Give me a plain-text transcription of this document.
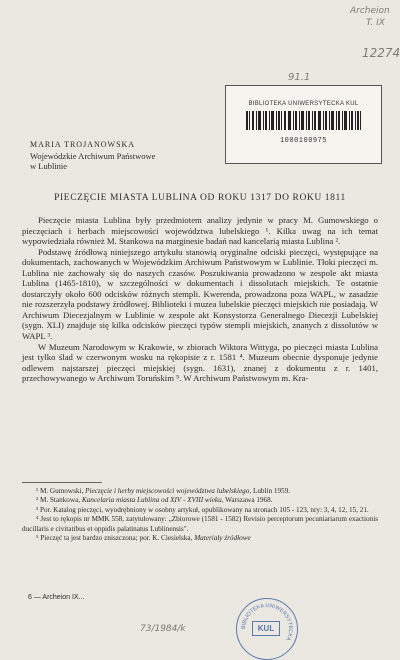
Archeion
T. IX
12274
91.1
BIBLIOTEKA UNIWERSYTECKA KUL
1000100975
MARIA TROJANOWSKA
Wojewódzkie Archiwum Państwowe
w Lublinie
PIECZĘCIE MIASTA LUBLINA OD ROKU 1317 DO ROKU 1811

Pieczęcie miasta Lublina były przedmiotem analizy jedynie w pracy M. Gumowskiego o pieczęciach i herbach miejscowości województwa lubelskiego ¹. Kilka uwag na ich temat wypowiedziała również M. Stankowa na marginesie badań nad kancelarią miasta Lublina ².

Podstawę źródłową niniejszego artykułu stanowią oryginalne odciski pieczęci, występujące na dokumentach, zachowanych w Wojewódzkim Archiwum Państwowym w Lublinie. Tłoki pieczęci m. Lublina nie zachowały się do naszych czasów. Poszukiwania prowadzono w zespole akt miasta Lublina (1465-1810), w szczególności w dokumentach i dissolutach miejskich. Te ostatnie dostarczyły około 600 odcisków różnych stempli. Kwerenda, prowadzona poza WAPL, w zasadzie nie rozszerzyła podstawy źródłowej. Biblioteki i muzea lubelskie pieczęci miejskich nie posiadają. W Archiwum Diecezjalnym w Lublinie w zespole akt Konsystorza Generalnego Diecezji Lubelskiej (sygn. XLI) znajduje się kilka odcisków pieczęci typów stempli miejskich, znanych z dissolutów w WAPL ³.

W Muzeum Narodowym w Krakowie, w zbiorach Wiktora Wittyga, po pieczęci miasta Lublina jest tylko ślad w czerwonym wosku na rękopisie z r. 1581 ⁴. Muzeum obecnie dysponuje jedynie odlewem najstarszej pieczęci miejskiej (sygn. 1631), znanej z dokumentu z r. 1401, przechowywanego w Archiwum Toruńskim ⁵. W Archiwum Państwowym m. Kra-

¹ M. Gumowski, Pieczęcie i herby miejscowości województwa lubelskiego, Lublin 1959.

² M. Stankowa, Kancelaria miasta Lublina od XIV - XVIII wieku, Warszawa 1968.

³ Por. Katalog pieczęci, wyodrębniony w osobny artykuł, opublikowany na stronach 105 - 123, nry: 3, 4, 12, 15, 21.

⁴ Jest to rękopis nr MMK 558, zatytułowany: „Zbiorowe (1581 - 1582) Revisio perceptorum pecuniariarum exactionis ducillaris e civitatibus et oppidis palatinatus Lublinensis".

⁵ Pieczęć ta jest bardzo zniszczona; por. K. Ciesielska, Materiały źródłowe

6 — Archeion IX...
73/1984/k	BIBLIOTEKA UNIWERSYTECKA
KUL
